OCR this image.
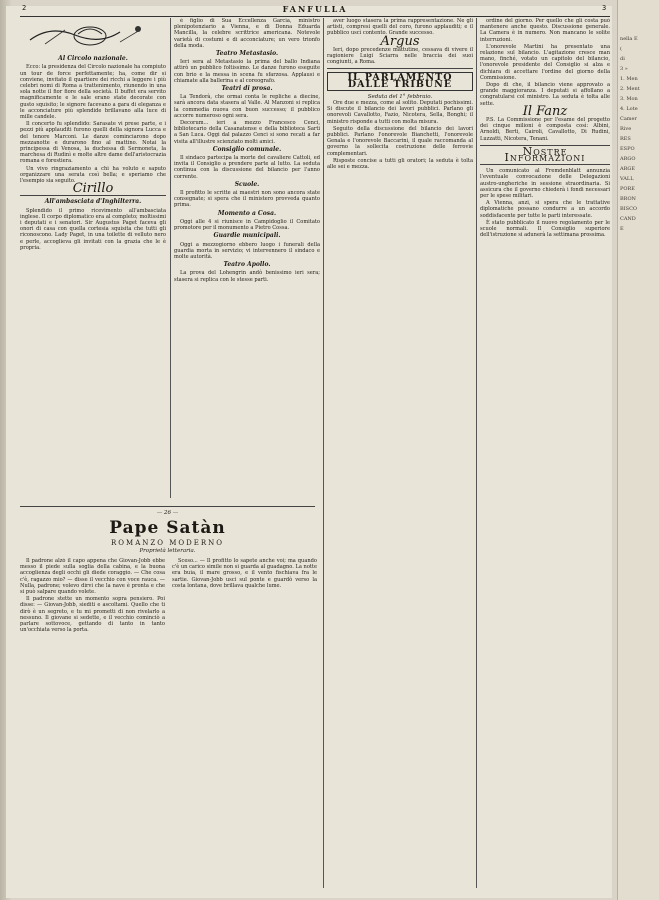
FANFULLA
2	3
Al Circolo nazionale.

Ecco: la presidenza del Circolo nazionale ha compiuto un tour de force perfettamente; ha, come dir si conviene, invitato il quartiere dei ricchi a leggere i più celebri nomi di Roma a trattenimento, riunendo in una sola notte il fior fiore della società. Il buffet era servito magnificamente e le sale erano state decorate con gusto squisito; le signore facevano a gara di eleganza e le acconciature più splendide brillavano alla luce di mille candele.

Il concerto fu splendido: Sarasate vi prese parte, e i pezzi più applauditi furono quelli della signora Lucca e del tenore Marconi. Le danze cominciarono dopo mezzanotte e durarono fino al mattino. Notai la principessa di Venosa, la duchessa di Sermoneta, la marchesa di Rudinì e molte altre dame dell'aristocrazia romana e forestiera.

Un vivo ringraziamento a chi ha voluto e saputo organizzare una serata così bella; e speriamo che l'esempio sia seguito.

Cirillo
All'ambasciata d'Inghilterra.

Splendido il primo ricevimento all'ambasciata inglese. Il corpo diplomatico era al completo; moltissimi i deputati e i senatori. Sir Augustus Paget faceva gli onori di casa con quella cortesia squisita che tutti gli riconoscono. Lady Paget, in una toilette di velluto nero e perle, accoglieva gli invitati con la grazia che le è propria.

è figlio di Sua Eccellenza Garcia, ministro plenipotenziario a Vienna, e di Donna Eduarda Mancilla, la celebre scrittrice americana. Notevole varietà di costumi e di acconciature; un vero trionfo della moda.

Teatro Metastasio.

Ieri sera al Metastasio la prima del ballo Indiana attirò un pubblico foltissimo. Le danze furono eseguite con brio e la messa in scena fu sfarzosa. Applausi e chiamate alla ballerina e al coreografo.

Teatri di prosa.

La Tendorà, che ormai conta le repliche a diecine, sarà ancora data stasera al Valle. Al Manzoni si replica la commedia nuova con buon successo; il pubblico accorre numeroso ogni sera.

Decorum... ieri a mezzo Francesco Cenci, bibliotecario della Casanatense e della biblioteca Sarti a San Luca. Oggi dal palazzo Cenci si sono recati a far visita all'illustre scienziato molti amici.

Consiglio comunale.

Il sindaco partecipa la morte del cavaliere Cattoli, ed invita il Consiglio a prendere parte al lutto. La seduta continua con la discussione del bilancio per l'anno corrente.

Scuole.

Il profitto le scritte ai maestri non sono ancora state consegnate; si spera che il ministero provveda quanto prima.

Momento a Cosa.

Oggi alle 4 si riunisce in Campidoglio il Comitato promotore per il monumento a Pietro Cossa.

Guardie municipali.

Oggi a mezzogiorno ebbero luogo i funerali della guardia morta in servizio; vi intervennero il sindaco e molte autorità.

Teatro Apollo.

La prova del Lohengrin andò benissimo ieri sera; stasera si replica con le stesse parti.

— 26 —
Pape Satàn
ROMANZO MODERNO
Proprietà letteraria.

Il padrone alzò il capo appena che Giovan-Jobb ebbe messo il piede sulla soglia della cabina, e la buona accoglienza degli occhi gli diede coraggio. — Che cosa c'è, ragazzo mio? — disse il vecchio con voce rauca. — Nulla, padrone; volevo dirvi che la nave è pronta e che si può salpare quando volete.

Il padrone stette un momento sopra pensiero. Poi disse: — Giovan-Jobb, siediti e ascoltami. Quello che ti dirò è un segreto, e tu mi prometti di non rivelarlo a nessuno. Il giovane si sedette, e il vecchio cominciò a parlare sottovoce, gettando di tanto in tanto un'occhiata verso la porta.

Sceso... — Il profitto lo sapete anche voi; ma quando c'è un carico simile non si guarda al guadagno. La notte era buia, il mare grosso, e il vento fischiava fra le sartie. Giovan-Jobb usci sul ponte e guardò verso la costa lontana, dove brillava qualche lume.

aver luogo stasera la prima rappresentazione. Ne gli artisti, compresi quelli del coro, furono applauditi; e il pubblico uscì contento. Grande successo.

Argus

Ieri, dopo precedenze mattutine, cessava di vivere il ragioniere Luigi Sciarra nelle braccia dei suoi congiunti, a Roma.

IL PARLAMENTO DALLE TRIBUNE
Seduta del 1° febbraio.

Ore due e mezza, come al solito. Deputati pochissimi. Si discute il bilancio dei lavori pubblici. Parlano gli onorevoli Cavallotto, Fazio, Nicotera, Sella, Bonghi; il ministro risponde a tutti con molta misura.

Seguito della discussione del bilancio dei lavori pubblici. Parlano l'onorevole Bianchetti, l'onorevole Genala e l'onorevole Baccarini, il quale raccomanda al governo la sollecita costruzione delle ferrovie complementari.

Risposte concise a tutti gli oratori; la seduta è tolta alle sei e mezza.

ordine del giorno. Per quello che gli costa può mantenere anche questo. Discussione generale. La Camera è in numero. Non mancano le solite interruzioni.

L'onorevole Martini ha presentato una relazione sul bilancio. L'agitazione cresce man mano, finché, votato un capitolo del bilancio, l'onorevole presidente del Consiglio si alza e dichiara di accettare l'ordine del giorno della Commissione.

Dopo di che, il bilancio viene approvato a grande maggioranza. I deputati si affollano a congratularsi col ministro. La seduta è tolta alle sette.

Il Fanz

P.S. La Commissione per l'esame del progetto dei cinque milioni è composta così: Albini, Arnoldi, Berti, Cairoli, Cavallotto, Di Rudini, Luzzatti, Nicotera, Tenani.

Nostre Informazioni

Un comunicato al Fremdenblatt annunzia l'eventuale convocazione delle Delegazioni austro-ungheriche in sessione straordinaria. Si assicura che il governo chiederà i fondi necessari per le spese militari.

A Vienna, anzi, si spera che le trattative diplomatiche possano condurre a un accordo soddisfacente per tutte le parti interessate.

È stato pubblicato il nuovo regolamento per le scuole normali. Il Consiglio superiore dell'istruzione si adunerà la settimana prossima.

nella E

(

di

3 »

1. Men

2. Ment

3. Mon

4. Lote

Camer

Rive

RES

ESPO

ARGO

ARGE

VALL

PORE

BRON

BISCO

CAND

E
